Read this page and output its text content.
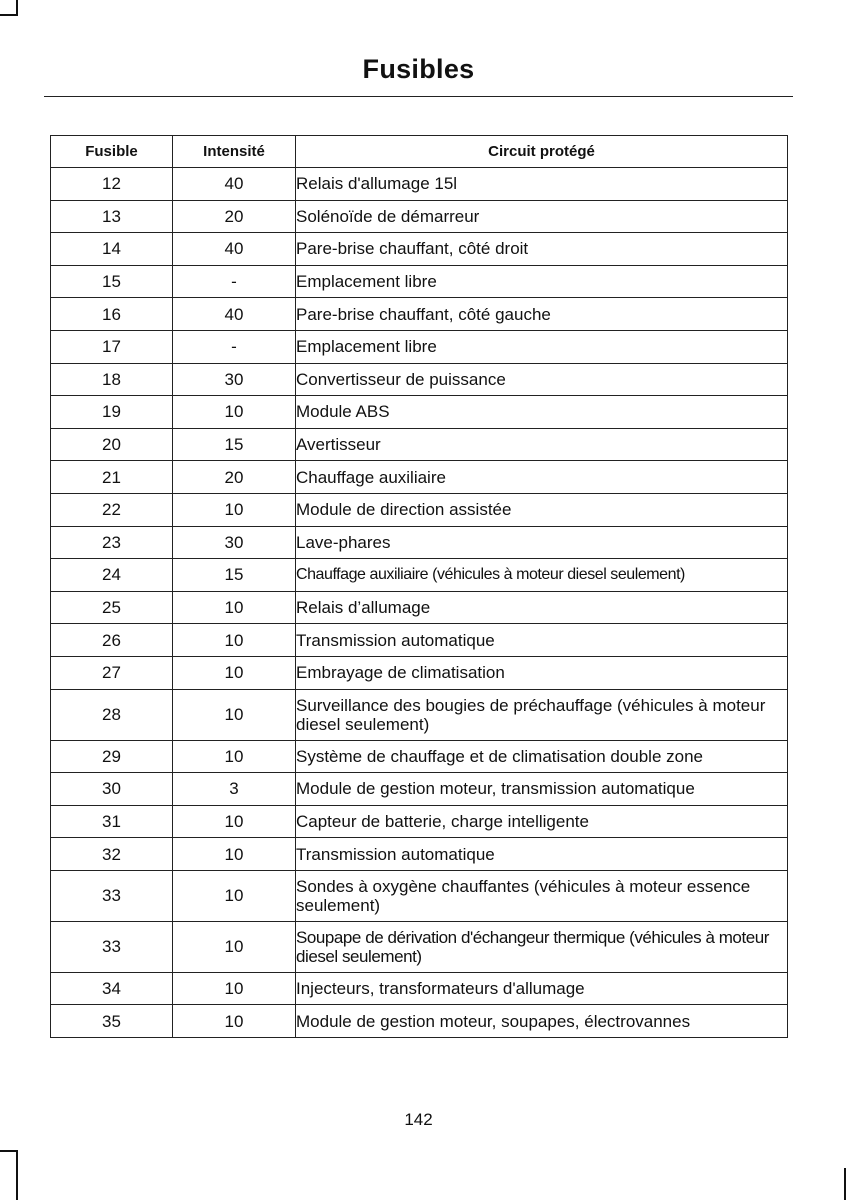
Fusibles
Fusible	Intensité	Circuit protégé
12	40	Relais d'allumage 15l
13	20	Solénoïde de démarreur
14	40	Pare-brise chauffant, côté droit
15	-	Emplacement libre
16	40	Pare-brise chauffant, côté gauche
17	-	Emplacement libre
18	30	Convertisseur de puissance
19	10	Module ABS
20	15	Avertisseur
21	20	Chauffage auxiliaire
22	10	Module de direction assistée
23	30	Lave-phares
24	15	Chauffage auxiliaire (véhicules à moteur diesel seulement)
25	10	Relais d’allumage
26	10	Transmission automatique
27	10	Embrayage de climatisation
28	10	Surveillance des bougies de préchauffage (véhicules à moteur diesel seulement)
29	10	Système de chauffage et de climatisation double zone
30	3	Module de gestion moteur, transmission automatique
31	10	Capteur de batterie, charge intelligente
32	10	Transmission automatique
33	10	Sondes à oxygène chauffantes (véhicules à moteur essence seulement)
33	10	Soupape de dérivation d'échangeur thermique (véhicules à moteur diesel seulement)
34	10	Injecteurs, transformateurs d'allumage
35	10	Module de gestion moteur, soupapes, électrovannes
142
